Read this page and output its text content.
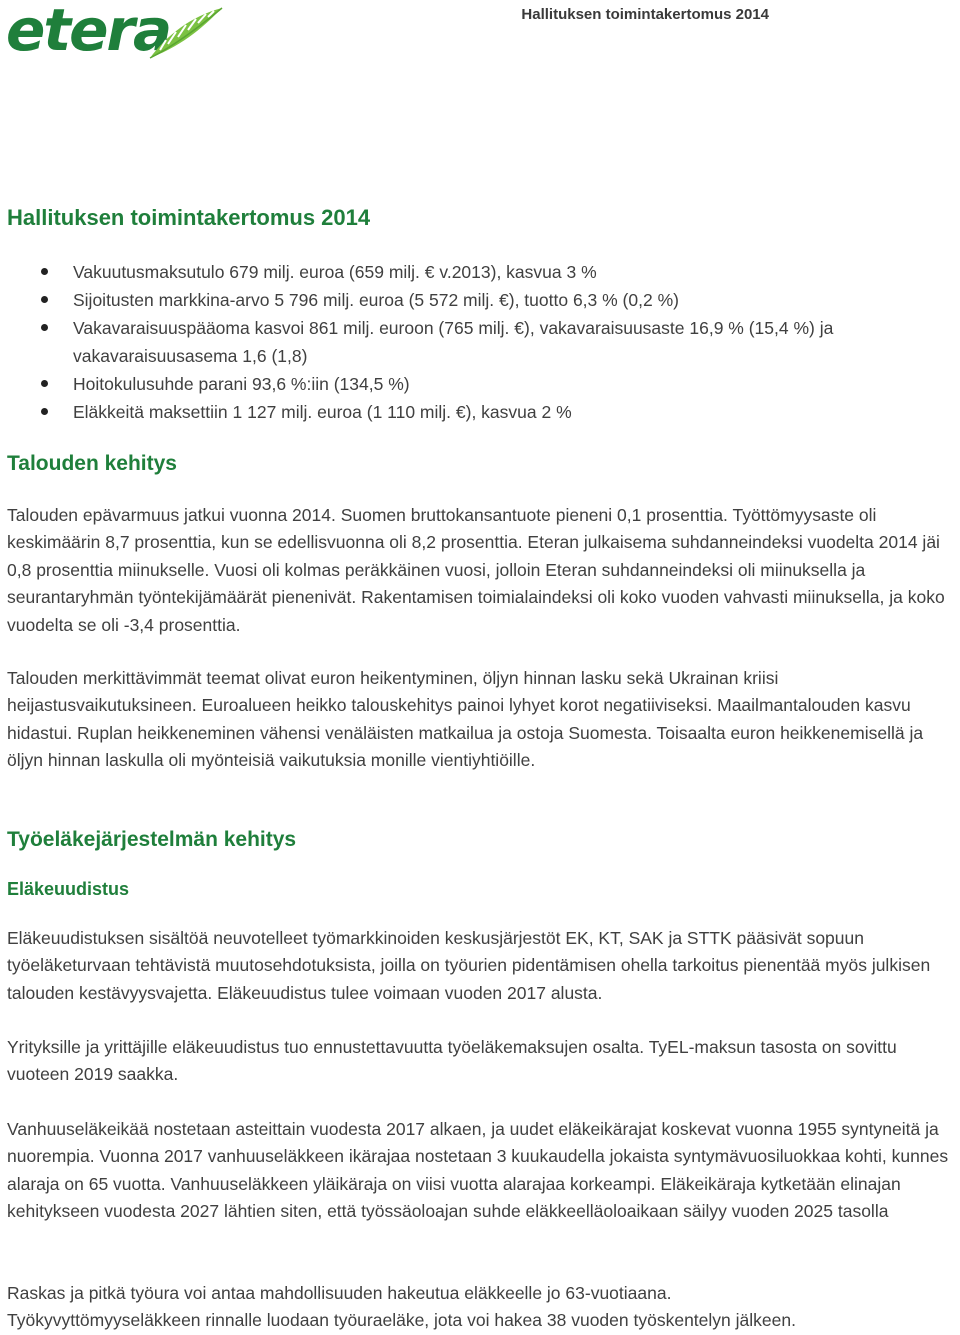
etera	Hallituksen toimintakertomus 2014
Hallituksen toimintakertomus 2014
Vakuutusmaksutulo 679 milj. euroa (659 milj. € v.2013), kasvua 3 %
Sijoitusten markkina-arvo 5 796 milj. euroa (5 572 milj. €), tuotto 6,3 % (0,2 %)
Vakavaraisuuspääoma kasvoi 861 milj. euroon (765 milj. €), vakavaraisuusaste 16,9 % (15,4 %) ja vakavaraisuusasema 1,6 (1,8)
Hoitokulusuhde parani 93,6 %:iin (134,5 %)
Eläkkeitä maksettiin 1 127 milj. euroa (1 110 milj. €), kasvua 2 %
Talouden kehitys

Talouden epävarmuus jatkui vuonna 2014. Suomen bruttokansantuote pieneni 0,1 prosenttia. Työttömyysaste oli keskimäärin 8,7 prosenttia, kun se edellisvuonna oli 8,2 prosenttia. Eteran julkaisema suhdanneindeksi vuodelta 2014 jäi 0,8 prosenttia miinukselle. Vuosi oli kolmas peräkkäinen vuosi, jolloin Eteran suhdanneindeksi oli miinuksella ja seurantaryhmän työntekijämäärät pienenivät. Rakentamisen toimialaindeksi oli koko vuoden vahvasti miinuksella, ja koko vuodelta se oli -3,4 prosenttia.

Talouden merkittävimmät teemat olivat euron heikentyminen, öljyn hinnan lasku sekä Ukrainan kriisi heijastusvaikutuksineen. Euroalueen heikko talouskehitys painoi lyhyet korot negatiiviseksi. Maailmantalouden kasvu hidastui. Ruplan heikkeneminen vähensi venäläisten matkailua ja ostoja Suomesta. Toisaalta euron heikkenemisellä ja öljyn hinnan laskulla oli myönteisiä vaikutuksia monille vientiyhtiöille.

Työeläkejärjestelmän kehitys
Eläkeuudistus

Eläkeuudistuksen sisältöä neuvotelleet työmarkkinoiden keskusjärjestöt EK, KT, SAK ja STTK pääsivät sopuun työeläketurvaan tehtävistä muutosehdotuksista, joilla on työurien pidentämisen ohella tarkoitus pienentää myös julkisen talouden kestävyysvajetta. Eläkeuudistus tulee voimaan vuoden 2017 alusta.

Yrityksille ja yrittäjille eläkeuudistus tuo ennustettavuutta työeläkemaksujen osalta. TyEL-maksun tasosta on sovittu vuoteen 2019 saakka.

Vanhuuseläkeikää nostetaan asteittain vuodesta 2017 alkaen, ja uudet eläkeikärajat koskevat vuonna 1955 syntyneitä ja nuorempia. Vuonna 2017 vanhuuseläkkeen ikärajaa nostetaan 3 kuukaudella jokaista syntymävuosiluokkaa kohti, kunnes alaraja on 65 vuotta. Vanhuuseläkkeen yläikäraja on viisi vuotta alarajaa korkeampi. Eläkeikäraja kytketään elinajan kehitykseen vuodesta 2027 lähtien siten, että työssäoloajan suhde eläkkeelläoloaikaan säilyy vuoden 2025 tasolla

Raskas ja pitkä työura voi antaa mahdollisuuden hakeutua eläkkeelle jo 63-vuotiaana.
Työkyvyttömyyseläkkeen rinnalle luodaan työuraeläke, jota voi hakea 38 vuoden työskentelyn jälkeen.
